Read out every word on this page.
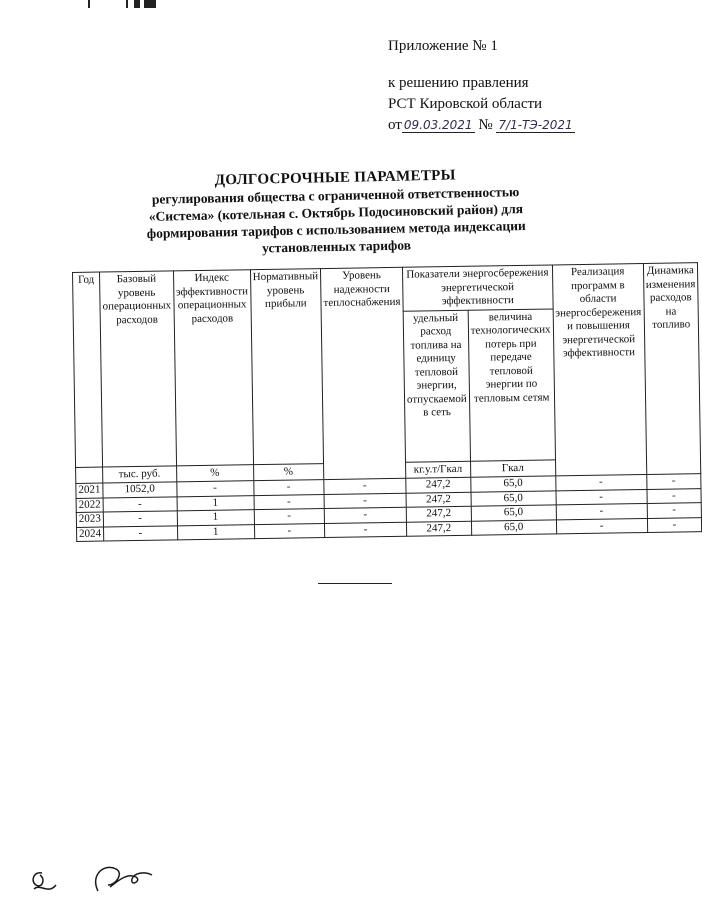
Приложение № 1
к решению правления
РСТ Кировской области
от 09.03.2021 № 7/1-ТЭ-2021
ДОЛГОСРОЧНЫЕ ПАРАМЕТРЫ
регулирования общества с ограниченной ответственностью
«Система» (котельная с. Октябрь Подосиновский район) для
формирования тарифов с использованием метода индексации
установленных тарифов
Год	Базовый уровень операционных расходов	Индекс эффективности операционных расходов	Нормативный уровень прибыли	Уровень надежности теплоснабжения	Показатели энергосбережения энергетической эффективности		Реализация программ в области энергосбережения и повышения энергетической эффективности	Динамика изменения расходов на топливо
					удельный расход топлива на единицу тепловой энергии, отпускаемой в сеть	величина технологических потерь при передаче тепловой энергии по тепловым сетям		
	тыс. руб.	%	%		кг.у.т/Гкал	Гкал		
2021	1052,0	-	-	-	247,2	65,0	-	-
2022	-	1	-	-	247,2	65,0	-	-
2023	-	1	-	-	247,2	65,0	-	-
2024	-	1	-	-	247,2	65,0	-	-
